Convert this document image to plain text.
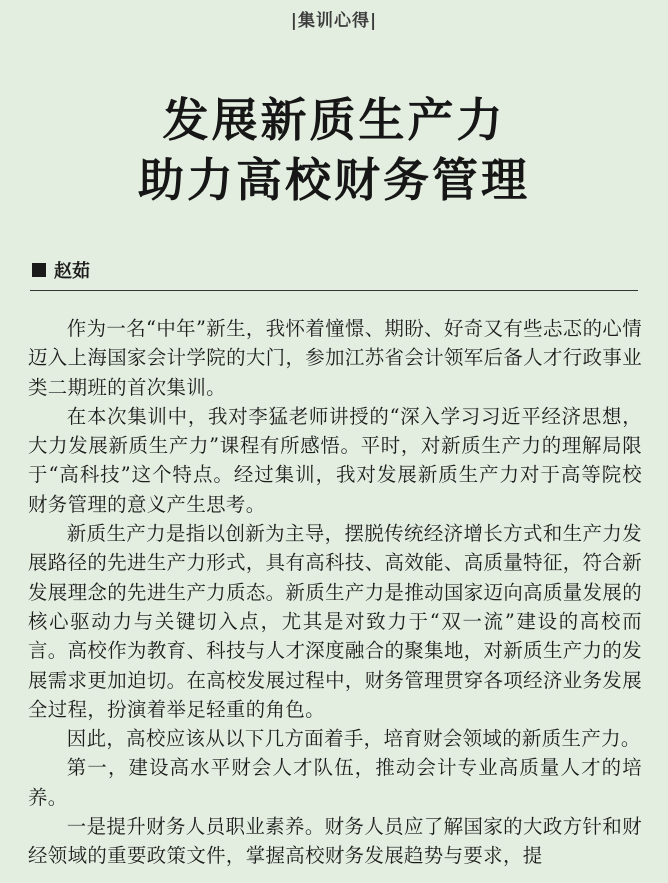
|集训心得|
发展新质生产力
助力高校财务管理
赵茹

作为一名“中年”新生，我怀着憧憬、期盼、好奇又有些忐忑的心情迈入上海国家会计学院的大门，参加江苏省会计领军后备人才行政事业类二期班的首次集训。

在本次集训中，我对李猛老师讲授的“深入学习习近平经济思想，大力发展新质生产力”课程有所感悟。平时，对新质生产力的理解局限于“高科技”这个特点。经过集训，我对发展新质生产力对于高等院校财务管理的意义产生思考。

新质生产力是指以创新为主导，摆脱传统经济增长方式和生产力发展路径的先进生产力形式，具有高科技、高效能、高质量特征，符合新发展理念的先进生产力质态。新质生产力是推动国家迈向高质量发展的核心驱动力与关键切入点，尤其是对致力于“双一流”建设的高校而言。高校作为教育、科技与人才深度融合的聚集地，对新质生产力的发展需求更加迫切。在高校发展过程中，财务管理贯穿各项经济业务发展全过程，扮演着举足轻重的角色。

因此，高校应该从以下几方面着手，培育财会领域的新质生产力。

第一，建设高水平财会人才队伍，推动会计专业高质量人才的培养。

一是提升财务人员职业素养。财务人员应了解国家的大政方针和财经领域的重要政策文件，掌握高校财务发展趋势与要求，提
